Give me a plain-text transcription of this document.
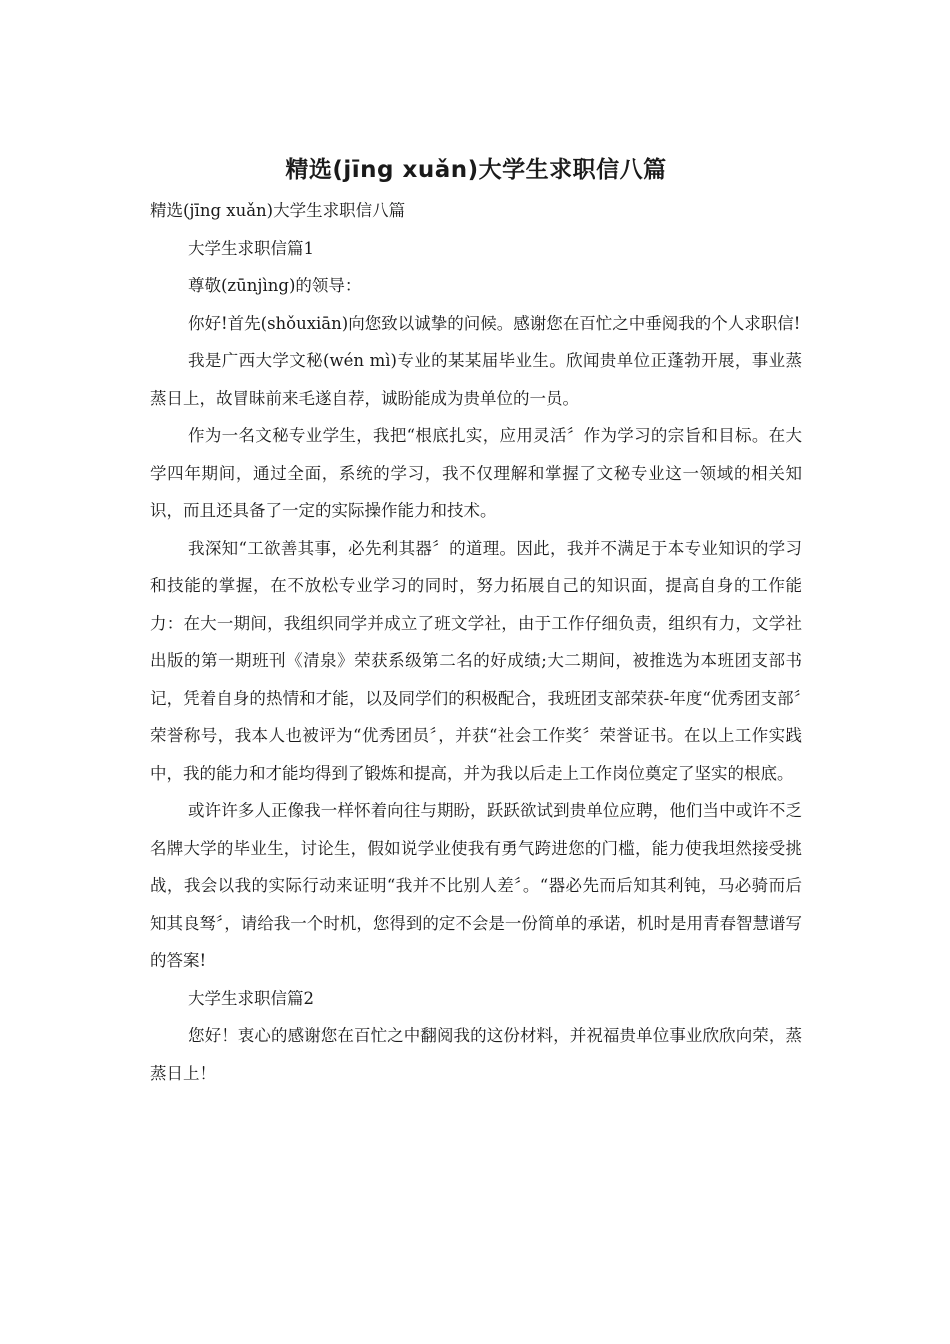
精选(jīng xuǎn)大学生求职信八篇

精选(jīng xuǎn)大学生求职信八篇

大学生求职信篇1

尊敬(zūnjìng)的领导：

你好!首先(shǒuxiān)向您致以诚挚的问候。感谢您在百忙之中垂阅我的个人求职信!

我是广西大学文秘(wén mì)专业的某某届毕业生。欣闻贵单位正蓬勃开展，事业蒸蒸日上，故冒昧前来毛遂自荐，诚盼能成为贵单位的一员。

作为一名文秘专业学生，我把“根底扎实，应用灵活〞作为学习的宗旨和目标。在大学四年期间，通过全面，系统的学习，我不仅理解和掌握了文秘专业这一领域的相关知识，而且还具备了一定的实际操作能力和技术。

我深知“工欲善其事，必先利其器〞的道理。因此，我并不满足于本专业知识的学习和技能的掌握，在不放松专业学习的同时，努力拓展自己的知识面，提高自身的工作能力：在大一期间，我组织同学并成立了班文学社，由于工作仔细负责，组织有力，文学社出版的第一期班刊《清泉》荣获系级第二名的好成绩;大二期间，被推选为本班团支部书记，凭着自身的热情和才能，以及同学们的积极配合，我班团支部荣获-年度“优秀团支部〞荣誉称号，我本人也被评为“优秀团员〞，并获“社会工作奖〞荣誉证书。在以上工作实践中，我的能力和才能均得到了锻炼和提高，并为我以后走上工作岗位奠定了坚实的根底。

或许许多人正像我一样怀着向往与期盼，跃跃欲试到贵单位应聘，他们当中或许不乏名牌大学的毕业生，讨论生，假如说学业使我有勇气跨进您的门槛，能力使我坦然接受挑战，我会以我的实际行动来证明“我并不比别人差〞。“器必先而后知其利钝，马必骑而后知其良驽〞，请给我一个时机，您得到的定不会是一份简单的承诺，机时是用青春智慧谱写的答案!

大学生求职信篇2

您好！衷心的感谢您在百忙之中翻阅我的这份材料，并祝福贵单位事业欣欣向荣，蒸蒸日上！
